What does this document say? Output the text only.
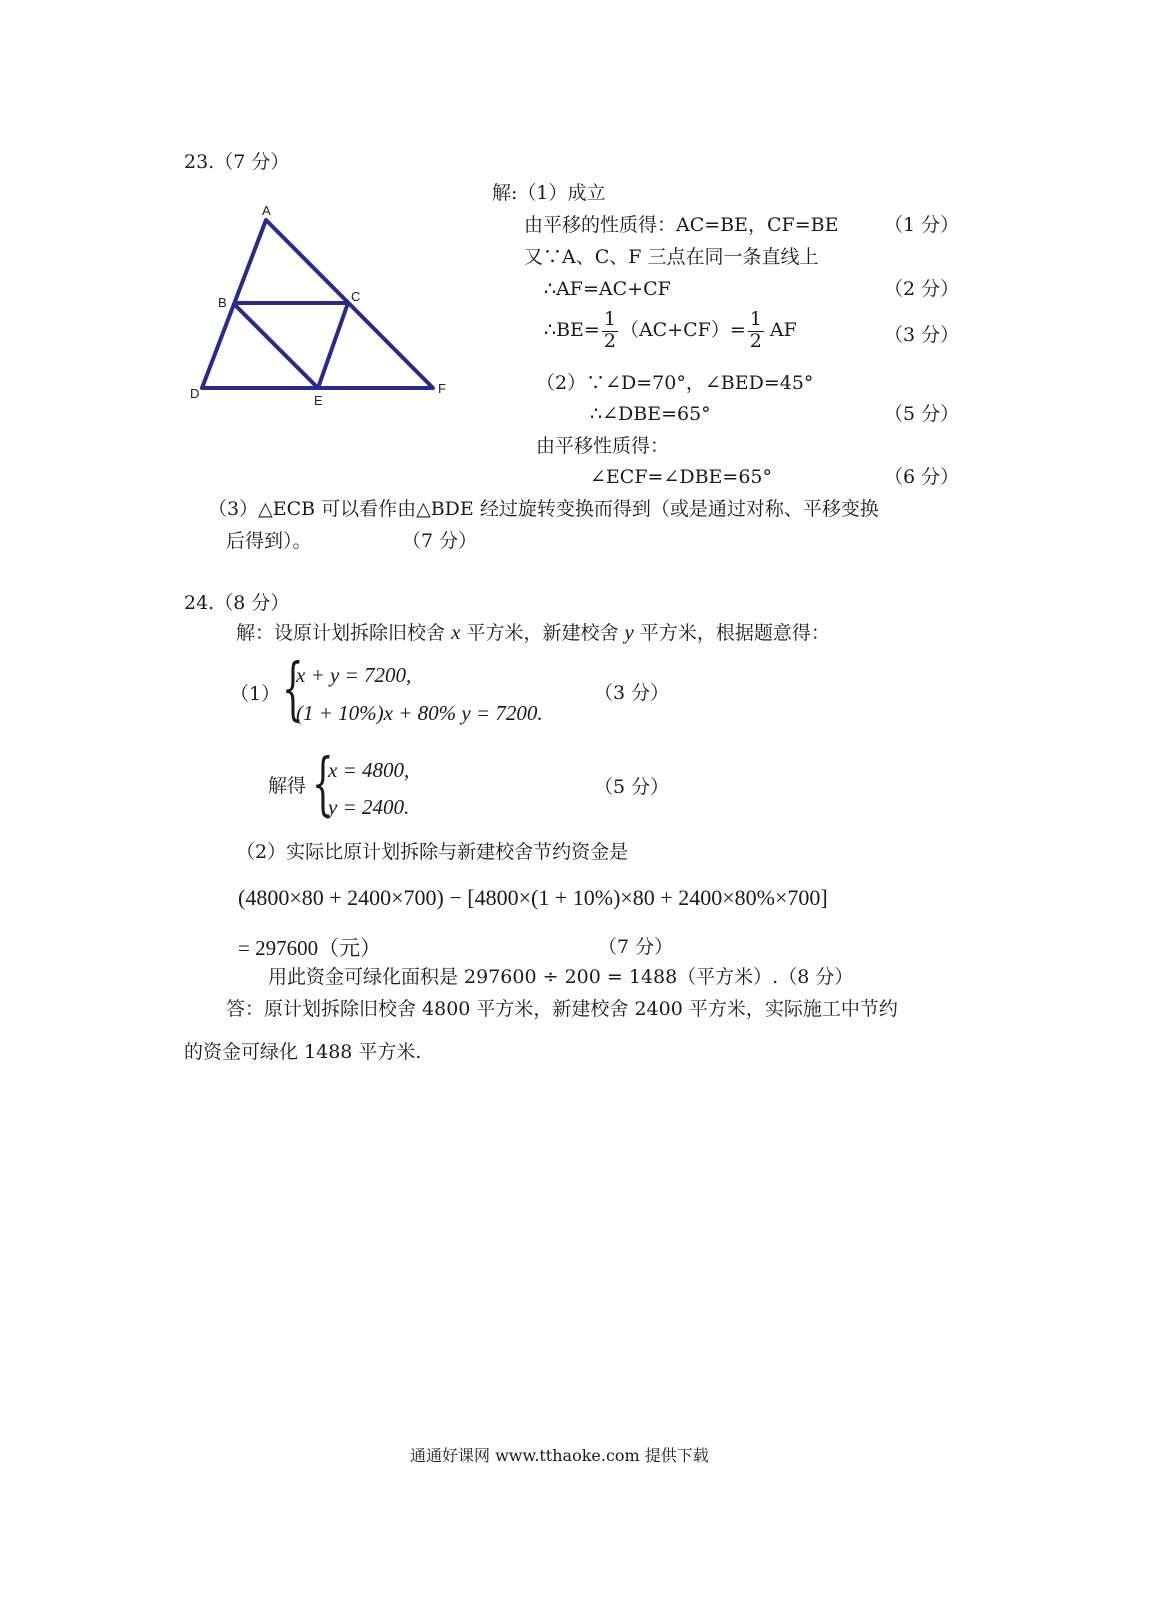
23.（7 分）
A
B	C
D	E
F
解:（1）成立
由平移的性质得：AC=BE，CF=BE （1 分）
又∵A、C、F 三点在同一条直线上
∴AF=AC+CF	（2 分）
∴BE= $\frac{1}{2} (AC+CF)= \frac{1}{2}$ AF	（3 分）
（2）∵∠D=70°，∠BED=45°
∴∠DBE=65°	（5 分）
由平移性质得：
∠ECF=∠DBE=65°	（6 分）
（3）△ECB 可以看作由△BDE 经过旋转变换而得到（或是通过对称、平移变换
后得到）。	（7 分）
24.（8 分）
解：设原计划拆除旧校舍 x 平方米，新建校舍 y 平方米，根据题意得：
（1） {
x + y = 7200,
(1 + 10%)x + 80% y = 7200.
（3 分）
解得 {
x = 4800,
y = 2400.
（5 分）
（2）实际比原计划拆除与新建校舍节约资金是
(4800×80 + 2400×700) − [4800×(1 + 10%)×80 + 2400×80%×700]
= 297600（元）	（7 分）
用此资金可绿化面积是 297600 ÷ 200 = 1488（平方米）.（8 分）
答：原计划拆除旧校舍 4800 平方米，新建校舍 2400 平方米，实际施工中节约
的资金可绿化 1488 平方米.
通通好课网 www.tthaoke.com 提供下载
